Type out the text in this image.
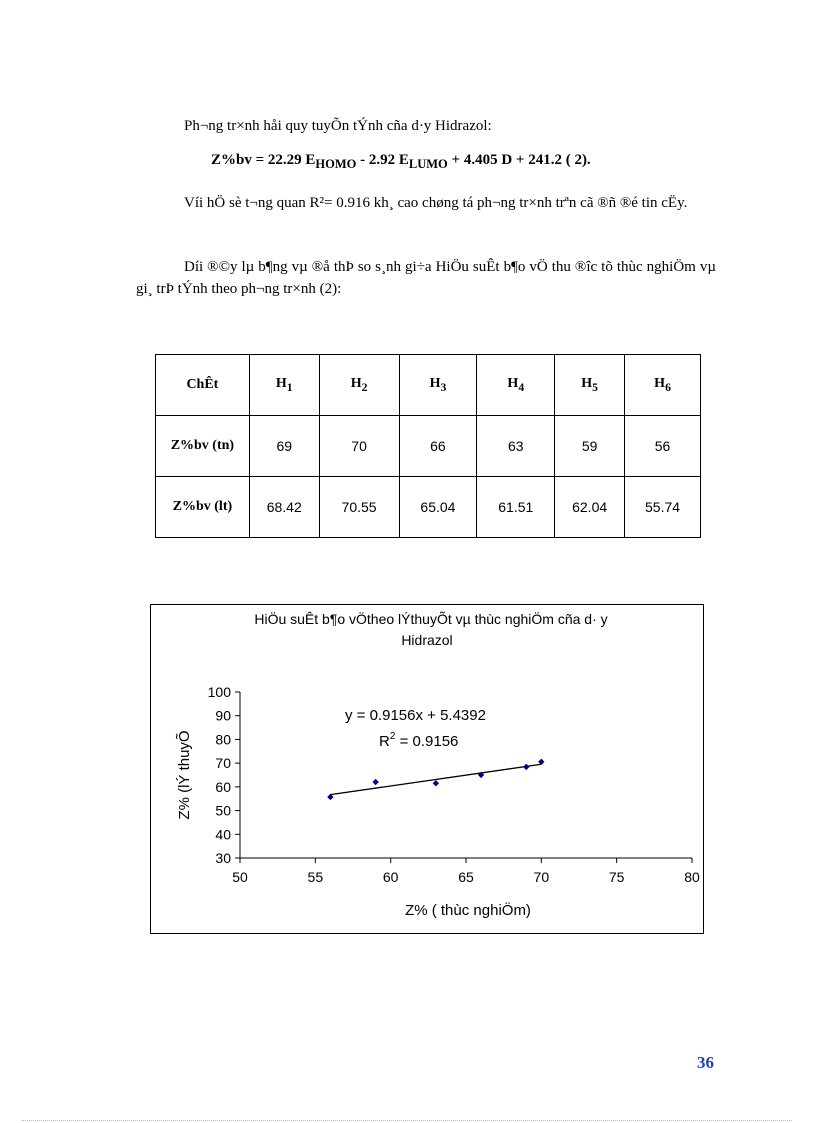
Ph¬ng tr×nh håi quy tuyÕn tÝnh cña d·y Hidrazol:
Z%bv = 22.29 $E_{HOMO} - 2.92$ $E_{LUMO} + 4.405$ D + 241.2 ( 2).
Víi hÖ sè t¬ng quan R²= 0.916 kh¸ cao chøng tá ph¬ng tr×nh trªn cã ®ñ ®é tin cËy.
Díi ®©y lµ b¶ng vµ ®å thÞ so s¸nh gi÷a HiÖu suÊt b¶o vÖ thu ®îc tõ thùc nghiÖm vµ gi¸ trÞ tÝnh theo ph¬ng tr×nh (2):
ChÊt	$H_1$	$H_2$	$H_3$	$H_4$	$H_5$	$H_6$
Z%bv (tn)	69	70	66	63	59	56
Z%bv (lt)	68.42	70.55	65.04	61.51	62.04	55.74
HiÖu suÊt b¶o vÖtheo lÝthuyÕt vµ thùc nghiÖm cña d· y
Hidrazol
30
40
50
60
70
80
90
100
50	55	60	65	70	75	80
y = 0.9156x + 5.4392
$R^2 = 0.9156$
Z% ( thùc nghiÖm)
Z% (lÝ thuyÕ
36
